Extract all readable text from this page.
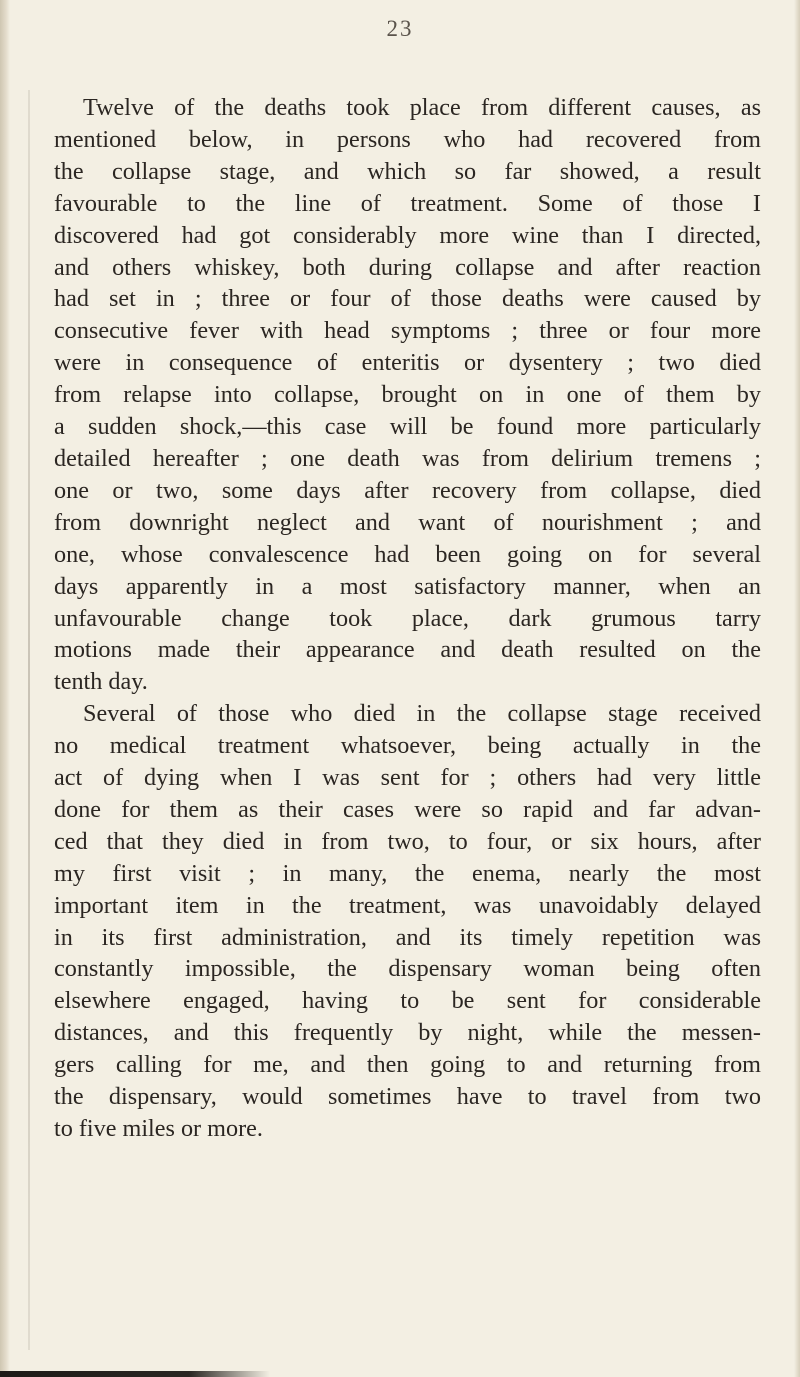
23
Twelve of the deaths took place from different causes, as
mentioned below, in persons who had recovered from
the collapse stage, and which so far showed, a result
favourable to the line of treatment. Some of those I
discovered had got considerably more wine than I directed,
and others whiskey, both during collapse and after reaction
had set in ; three or four of those deaths were caused by
consecutive fever with head symptoms ; three or four more
were in consequence of enteritis or dysentery ; two died
from relapse into collapse, brought on in one of them by
a sudden shock,—this case will be found more particularly
detailed hereafter ; one death was from delirium tremens ;
one or two, some days after recovery from collapse, died
from downright neglect and want of nourishment ; and
one, whose convalescence had been going on for several
days apparently in a most satisfactory manner, when an
unfavourable change took place, dark grumous tarry
motions made their appearance and death resulted on the
tenth day.
Several of those who died in the collapse stage received
no medical treatment whatsoever, being actually in the
act of dying when I was sent for ; others had very little
done for them as their cases were so rapid and far advan-
ced that they died in from two, to four, or six hours, after
my first visit ; in many, the enema, nearly the most
important item in the treatment, was unavoidably delayed
in its first administration, and its timely repetition was
constantly impossible, the dispensary woman being often
elsewhere engaged, having to be sent for considerable
distances, and this frequently by night, while the messen-
gers calling for me, and then going to and returning from
the dispensary, would sometimes have to travel from two
to five miles or more.
